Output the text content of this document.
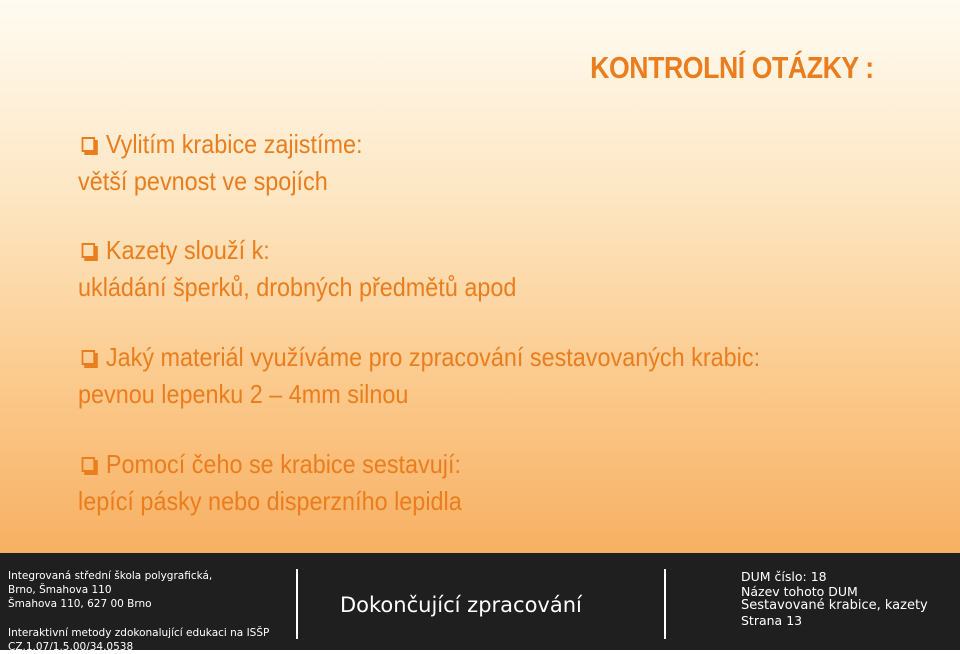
KONTROLNÍ OTÁZKY :
Vylitím krabice zajistíme:
větší pevnost ve spojích
Kazety slouží k:
ukládání šperků, drobných předmětů apod
Jaký materiál využíváme pro zpracování sestavovaných krabic:
pevnou lepenku 2 – 4mm silnou
Pomocí čeho se krabice sestavují:
lepící pásky nebo disperzního lepidla
Integrovaná střední škola polygrafická,
Brno, Šmahova 110
Šmahova 110, 627 00 Brno
Interaktivní metody zdokonalující edukaci na ISŠP
CZ.1.07/1.5.00/34.0538
Dokončující zpracování
DUM číslo: 18
Název tohoto DUM
Sestavované krabice, kazety
Strana 13
